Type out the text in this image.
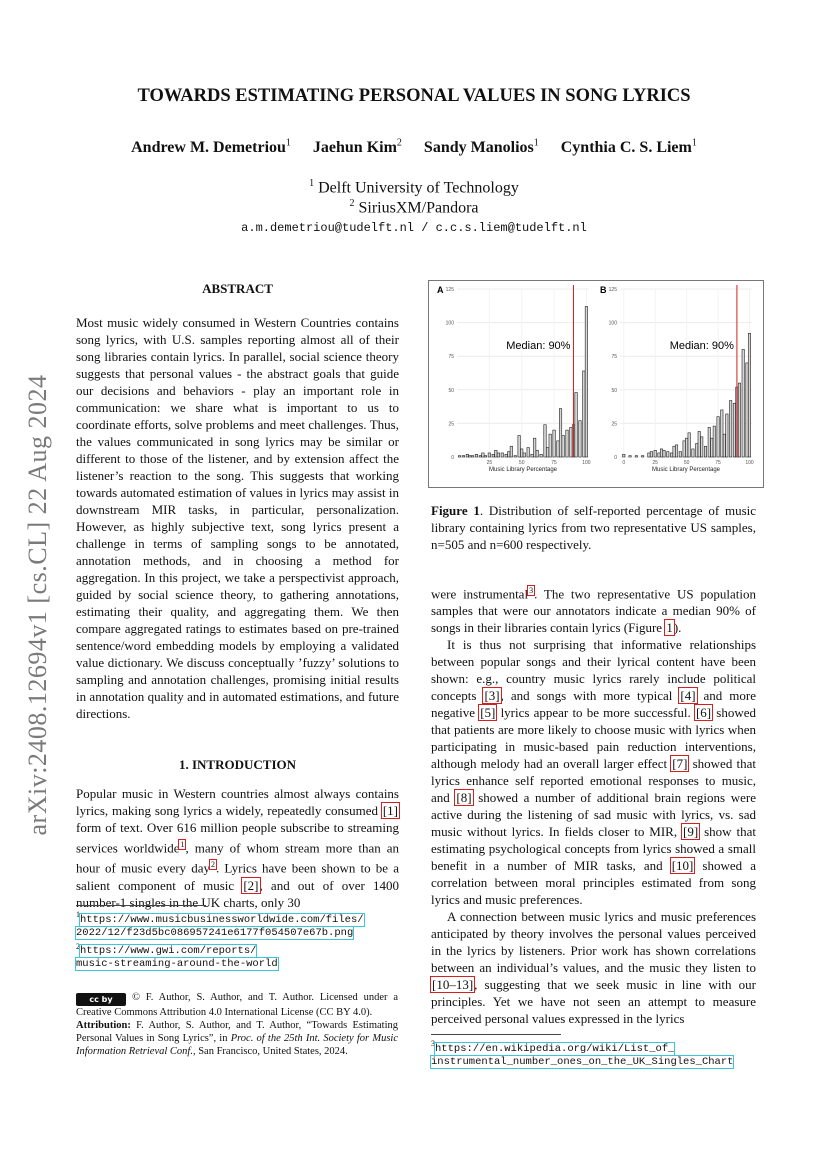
arXiv:2408.12694v1 [cs.CL] 22 Aug 2024
TOWARDS ESTIMATING PERSONAL VALUES IN SONG LYRICS
Andrew M. Demetriou$^1$ Jaehun Kim$^2$ Sandy Manolios$^1$ Cynthia C. S. Liem$^1$
$^1$ Delft University of Technology
$^2$ SiriusXM/Pandora
a.m.demetriou@tudelft.nl / c.c.s.liem@tudelft.nl
ABSTRACT

Most music widely consumed in Western Countries contains song lyrics, with U.S. samples reporting almost all of their song libraries contain lyrics. In parallel, social science theory suggests that personal values - the abstract goals that guide our decisions and behaviors - play an important role in communication: we share what is important to us to coordinate efforts, solve problems and meet challenges. Thus, the values communicated in song lyrics may be similar or different to those of the listener, and by extension affect the listener’s reaction to the song. This suggests that working towards automated estimation of values in lyrics may assist in downstream MIR tasks, in particular, personalization. However, as highly subjective text, song lyrics present a challenge in terms of sampling songs to be annotated, annotation methods, and in choosing a method for aggregation. In this project, we take a perspectivist approach, guided by social science theory, to gathering annotations, estimating their quality, and aggregating them. We then compare aggregated ratings to estimates based on pre-trained sentence/word embedding models by employing a validated value dictionary. We discuss conceptually ’fuzzy’ solutions to sampling and annotation challenges, promising initial results in annotation quality and in automated estimations, and future directions.

1. INTRODUCTION

Popular music in Western countries almost always contains lyrics, making song lyrics a widely, repeatedly consumed [1] form of text. Over 616 million people subscribe to streaming services worldwide$^1$, many of whom stream more than an hour of music every day$^2$. Lyrics have been shown to be a salient component of music [2], and out of over 1400 number-1 singles in the UK charts, only 30

$^1$https://www.musicbusinessworldwide.com/files/
2022/12/f23d5bc086957241e6177f054507e67b.png
$^2$https://www.gwi.com/reports/
music-streaming-around-the-world
cc by © F. Author, S. Author, and T. Author. Licensed under a Creative Commons Attribution 4.0 International License (CC BY 4.0).
Attribution: F. Author, S. Author, and T. Author, “Towards Estimating Personal Values in Song Lyrics”, in Proc. of the 25th Int. Society for Music Information Retrieval Conf., San Francisco, United States, 2024.
A
0
25
50
75
100
125
25	50	75	100
Median: 90%
Music Library Percentage
B
0
25
50
75
100
125
0	25	50	75	100
Median: 90%
Music Library Percentage
Figure 1. Distribution of self-reported percentage of music library containing lyrics from two representative US samples, n=505 and n=600 respectively.

were instrumental$^3$. The two representative US population samples that were our annotators indicate a median 90% of songs in their libraries contain lyrics (Figure 1).

It is thus not surprising that informative relationships between popular songs and their lyrical content have been shown: e.g., country music lyrics rarely include political concepts [3], and songs with more typical [4] and more negative [5] lyrics appear to be more successful. [6] showed that patients are more likely to choose music with lyrics when participating in music-based pain reduction interventions, although melody had an overall larger effect [7] showed that lyrics enhance self reported emotional responses to music, and [8] showed a number of additional brain regions were active during the listening of sad music with lyrics, vs. sad music without lyrics. In fields closer to MIR, [9] show that estimating psychological concepts from lyrics showed a small benefit in a number of MIR tasks, and [10] showed a correlation between moral principles estimated from song lyrics and music preferences.

A connection between music lyrics and music preferences anticipated by theory involves the personal values perceived in the lyrics by listeners. Prior work has shown correlations between an individual’s values, and the music they listen to [10–13], suggesting that we seek music in line with our principles. Yet we have not seen an attempt to measure perceived personal values expressed in the lyrics

$^3$https://en.wikipedia.org/wiki/List_of_
instrumental_number_ones_on_the_UK_Singles_Chart
